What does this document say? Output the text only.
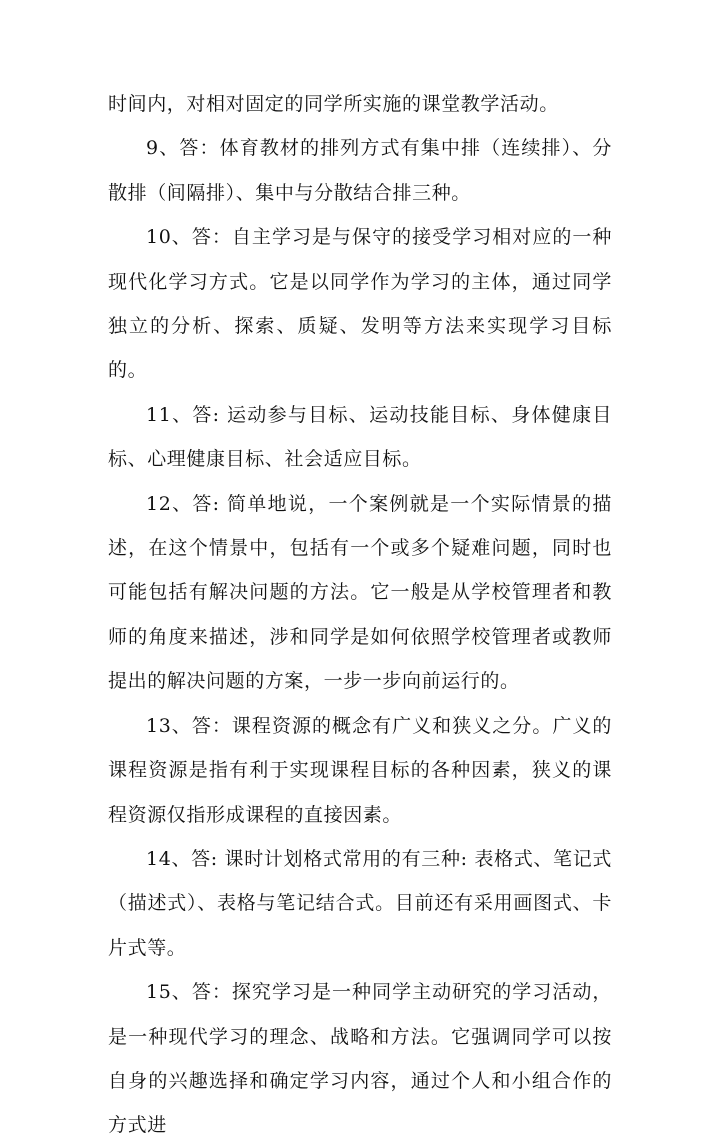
时间内，对相对固定的同学所实施的课堂教学活动。

9、答：体育教材的排列方式有集中排（连续排）、分散排（间隔排）、集中与分散结合排三种。

10、答：自主学习是与保守的接受学习相对应的一种现代化学习方式。它是以同学作为学习的主体，通过同学独立的分析、探索、质疑、发明等方法来实现学习目标的。

11、答: 运动参与目标、运动技能目标、身体健康目标、心理健康目标、社会适应目标。

12、答: 简单地说，一个案例就是一个实际情景的描述，在这个情景中，包括有一个或多个疑难问题，同时也可能包括有解决问题的方法。它一般是从学校管理者和教师的角度来描述，涉和同学是如何依照学校管理者或教师提出的解决问题的方案，一步一步向前运行的。

13、答：课程资源的概念有广义和狭义之分。广义的课程资源是指有利于实现课程目标的各种因素，狭义的课程资源仅指形成课程的直接因素。

14、答: 课时计划格式常用的有三种: 表格式、笔记式（描述式）、表格与笔记结合式。目前还有采用画图式、卡片式等。

15、答：探究学习是一种同学主动研究的学习活动，是一种现代学习的理念、战略和方法。它强调同学可以按自身的兴趣选择和确定学习内容，通过个人和小组合作的方式进
